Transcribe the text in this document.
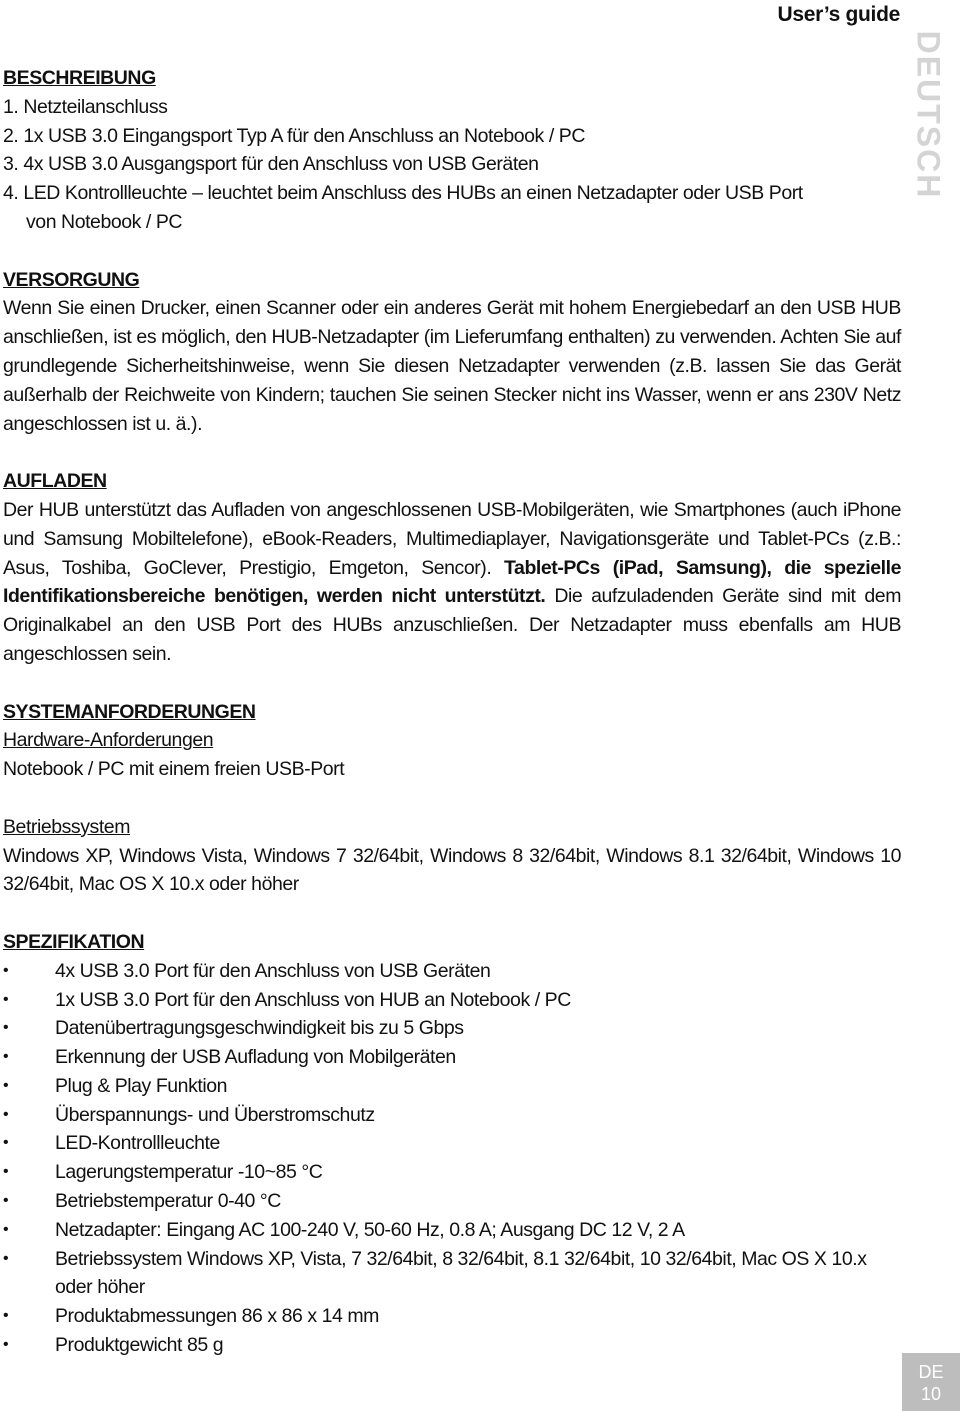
User’s guide
DEUTSCH

BESCHREIBUNG

1. Netzteilanschluss

2. 1x USB 3.0 Eingangsport Typ A für den Anschluss an Notebook / PC

3. 4x USB 3.0 Ausgangsport für den Anschluss von USB Geräten

4. LED Kontrollleuchte – leuchtet beim Anschluss des HUBs an einen Netzadapter oder USB Port

von Notebook / PC

VERSORGUNG

Wenn Sie einen Drucker, einen Scanner oder ein anderes Gerät mit hohem Energiebedarf an den USB HUB anschließen, ist es möglich, den HUB-Netzadapter (im Lieferumfang enthalten) zu verwenden. Achten Sie auf grundlegende Sicherheitshinweise, wenn Sie diesen Netzadapter verwenden (z.B. lassen Sie das Gerät außerhalb der Reichweite von Kindern; tauchen Sie seinen Stecker nicht ins Wasser, wenn er ans 230V Netz angeschlossen ist u. ä.).

AUFLADEN

Der HUB unterstützt das Aufladen von angeschlossenen USB-Mobilgeräten, wie Smartphones (auch iPhone und Samsung Mobiltelefone), eBook-Readers, Multimediaplayer, Navigationsgeräte und Tablet-PCs (z.B.: Asus, Toshiba, GoClever, Prestigio, Emgeton, Sencor). Tablet-PCs (iPad, Samsung), die spezielle Identifikationsbereiche benötigen, werden nicht unterstützt. Die aufzuladenden Geräte sind mit dem Originalkabel an den USB Port des HUBs anzuschließen. Der Netzadapter muss ebenfalls am HUB angeschlossen sein.

SYSTEMANFORDERUNGEN

Hardware-Anforderungen

Notebook / PC mit einem freien USB-Port

Betriebssystem

Windows XP, Windows Vista, Windows 7 32/64bit, Windows 8 32/64bit, Windows 8.1 32/64bit, Windows 10 32/64bit, Mac OS X 10.x oder höher

SPEZIFIKATION

• 4x USB 3.0 Port für den Anschluss von USB Geräten
• 1x USB 3.0 Port für den Anschluss von HUB an Notebook / PC
• Datenübertragungsgeschwindigkeit bis zu 5 Gbps
• Erkennung der USB Aufladung von Mobilgeräten
• Plug & Play Funktion
• Überspannungs- und Überstromschutz
• LED-Kontrollleuchte
• Lagerungstemperatur -10~85 °C
• Betriebstemperatur 0-40 °C
• Netzadapter: Eingang AC 100-240 V, 50-60 Hz, 0.8 A; Ausgang DC 12 V, 2 A
• Betriebssystem Windows XP, Vista, 7 32/64bit, 8 32/64bit, 8.1 32/64bit, 10 32/64bit, Mac OS X 10.x oder höher
• Produktabmessungen 86 x 86 x 14 mm
• Produktgewicht 85 g
DE
10
